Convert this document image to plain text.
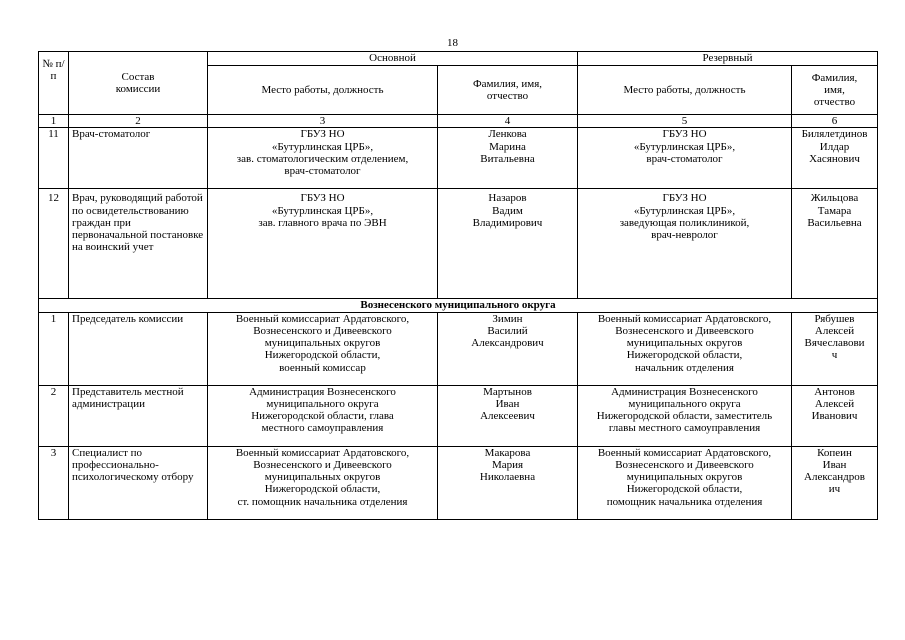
18
№ п/п	Состав комиссии	Основной		Резервный	
		Место работы, должность	Фамилия, имя, отчество	Место работы, должность	Фамилия, имя, отчество

1	2	3	4	5	6
11	Врач-стоматолог	ГБУЗ НО
«Бутурлинская ЦРБ»,
зав. стоматологическим отделением,
врач-стоматолог	Ленкова
Марина
Витальевна	ГБУЗ НО
«Бутурлинская ЦРБ»,
врач-стоматолог	Билялетдинов
Илдар
Хасянович
12	Врач, руководящий работой по освидетельствованию граждан при первоначальной постановке на воинский учет	ГБУЗ НО
«Бутурлинская ЦРБ»,
зав. главного врача по ЭВН	Назаров
Вадим
Владимирович	ГБУЗ НО
«Бутурлинская ЦРБ»,
заведующая поликлиникой,
врач-невролог	Жильцова
Тамара
Васильевна
Вознесенского муниципального округа					
1	Председатель комиссии	Военный комиссариат Ардатовского,
Вознесенского и Дивеевского
муниципальных округов
Нижегородской области,
военный комиссар	Зимин
Василий
Александрович	Военный комиссариат Ардатовского,
Вознесенского и Дивеевского
муниципальных округов
Нижегородской области,
начальник отделения	Рябушев
Алексей
Вячеславови
ч
2	Представитель местной администрации	Администрация Вознесенского
муниципального округа
Нижегородской области, глава
местного самоуправления	Мартынов
Иван
Алексеевич	Администрация Вознесенского
муниципального округа
Нижегородской области, заместитель
главы местного самоуправления	Антонов
Алексей
Иванович
3	Специалист по профессионально-психологическому отбору	Военный комиссариат Ардатовского,
Вознесенского и Дивеевского
муниципальных округов
Нижегородской области,
ст. помощник начальника отделения	Макарова
Мария
Николаевна	Военный комиссариат Ардатовского,
Вознесенского и Дивеевского
муниципальных округов
Нижегородской области,
помощник начальника отделения	Копеин
Иван
Александров
ич
